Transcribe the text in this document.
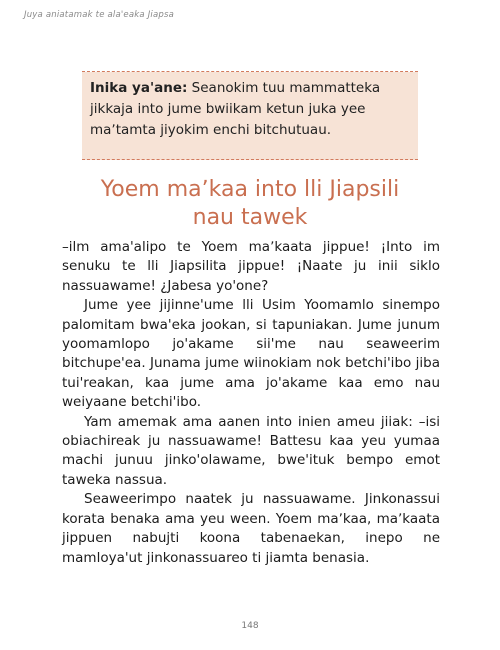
Juya aniatamak te ala'eaka Jiapsa
Inika ya'ane: Seanokim tuu mammatteka jikkaja into jume bwiikam ketun juka yee maʼtamta jiyokim enchi bitchutuau.
Yoem maʼkaa into lli Jiapsili
nau tawek

–ilm ama'alipo te Yoem maʼkaata jippue! ¡Into im senuku te lli Jiapsilita jippue! ¡Naate ju inii siklo nassuawame! ¿Jabesa yo'one?

Jume yee jijinne'ume lli Usim Yoomamlo sinempo palomitam bwa'eka jookan, si tapuniakan. Jume junum yoomamlopo jo'akame sii'me nau seaweerim bitchupe'ea. Junama jume wiinokiam nok betchi'ibo jiba tui'reakan, kaa jume ama jo'akame kaa emo nau weiyaane betchi'ibo.

Yam amemak ama aanen into inien ameu jiiak: –isi obiachireak ju nassuawame! Battesu kaa yeu yumaa machi junuu jinko'olawame, bwe'ituk bempo emot taweka nassua.

Seaweerimpo naatek ju nassuawame. Jinkonassui korata benaka ama yeu ween. Yoem maʼkaa, maʼkaata jippuen nabujti koona tabenaekan, inepo ne mamloya'ut jinkonassuareo ti jiamta benasia.

148
